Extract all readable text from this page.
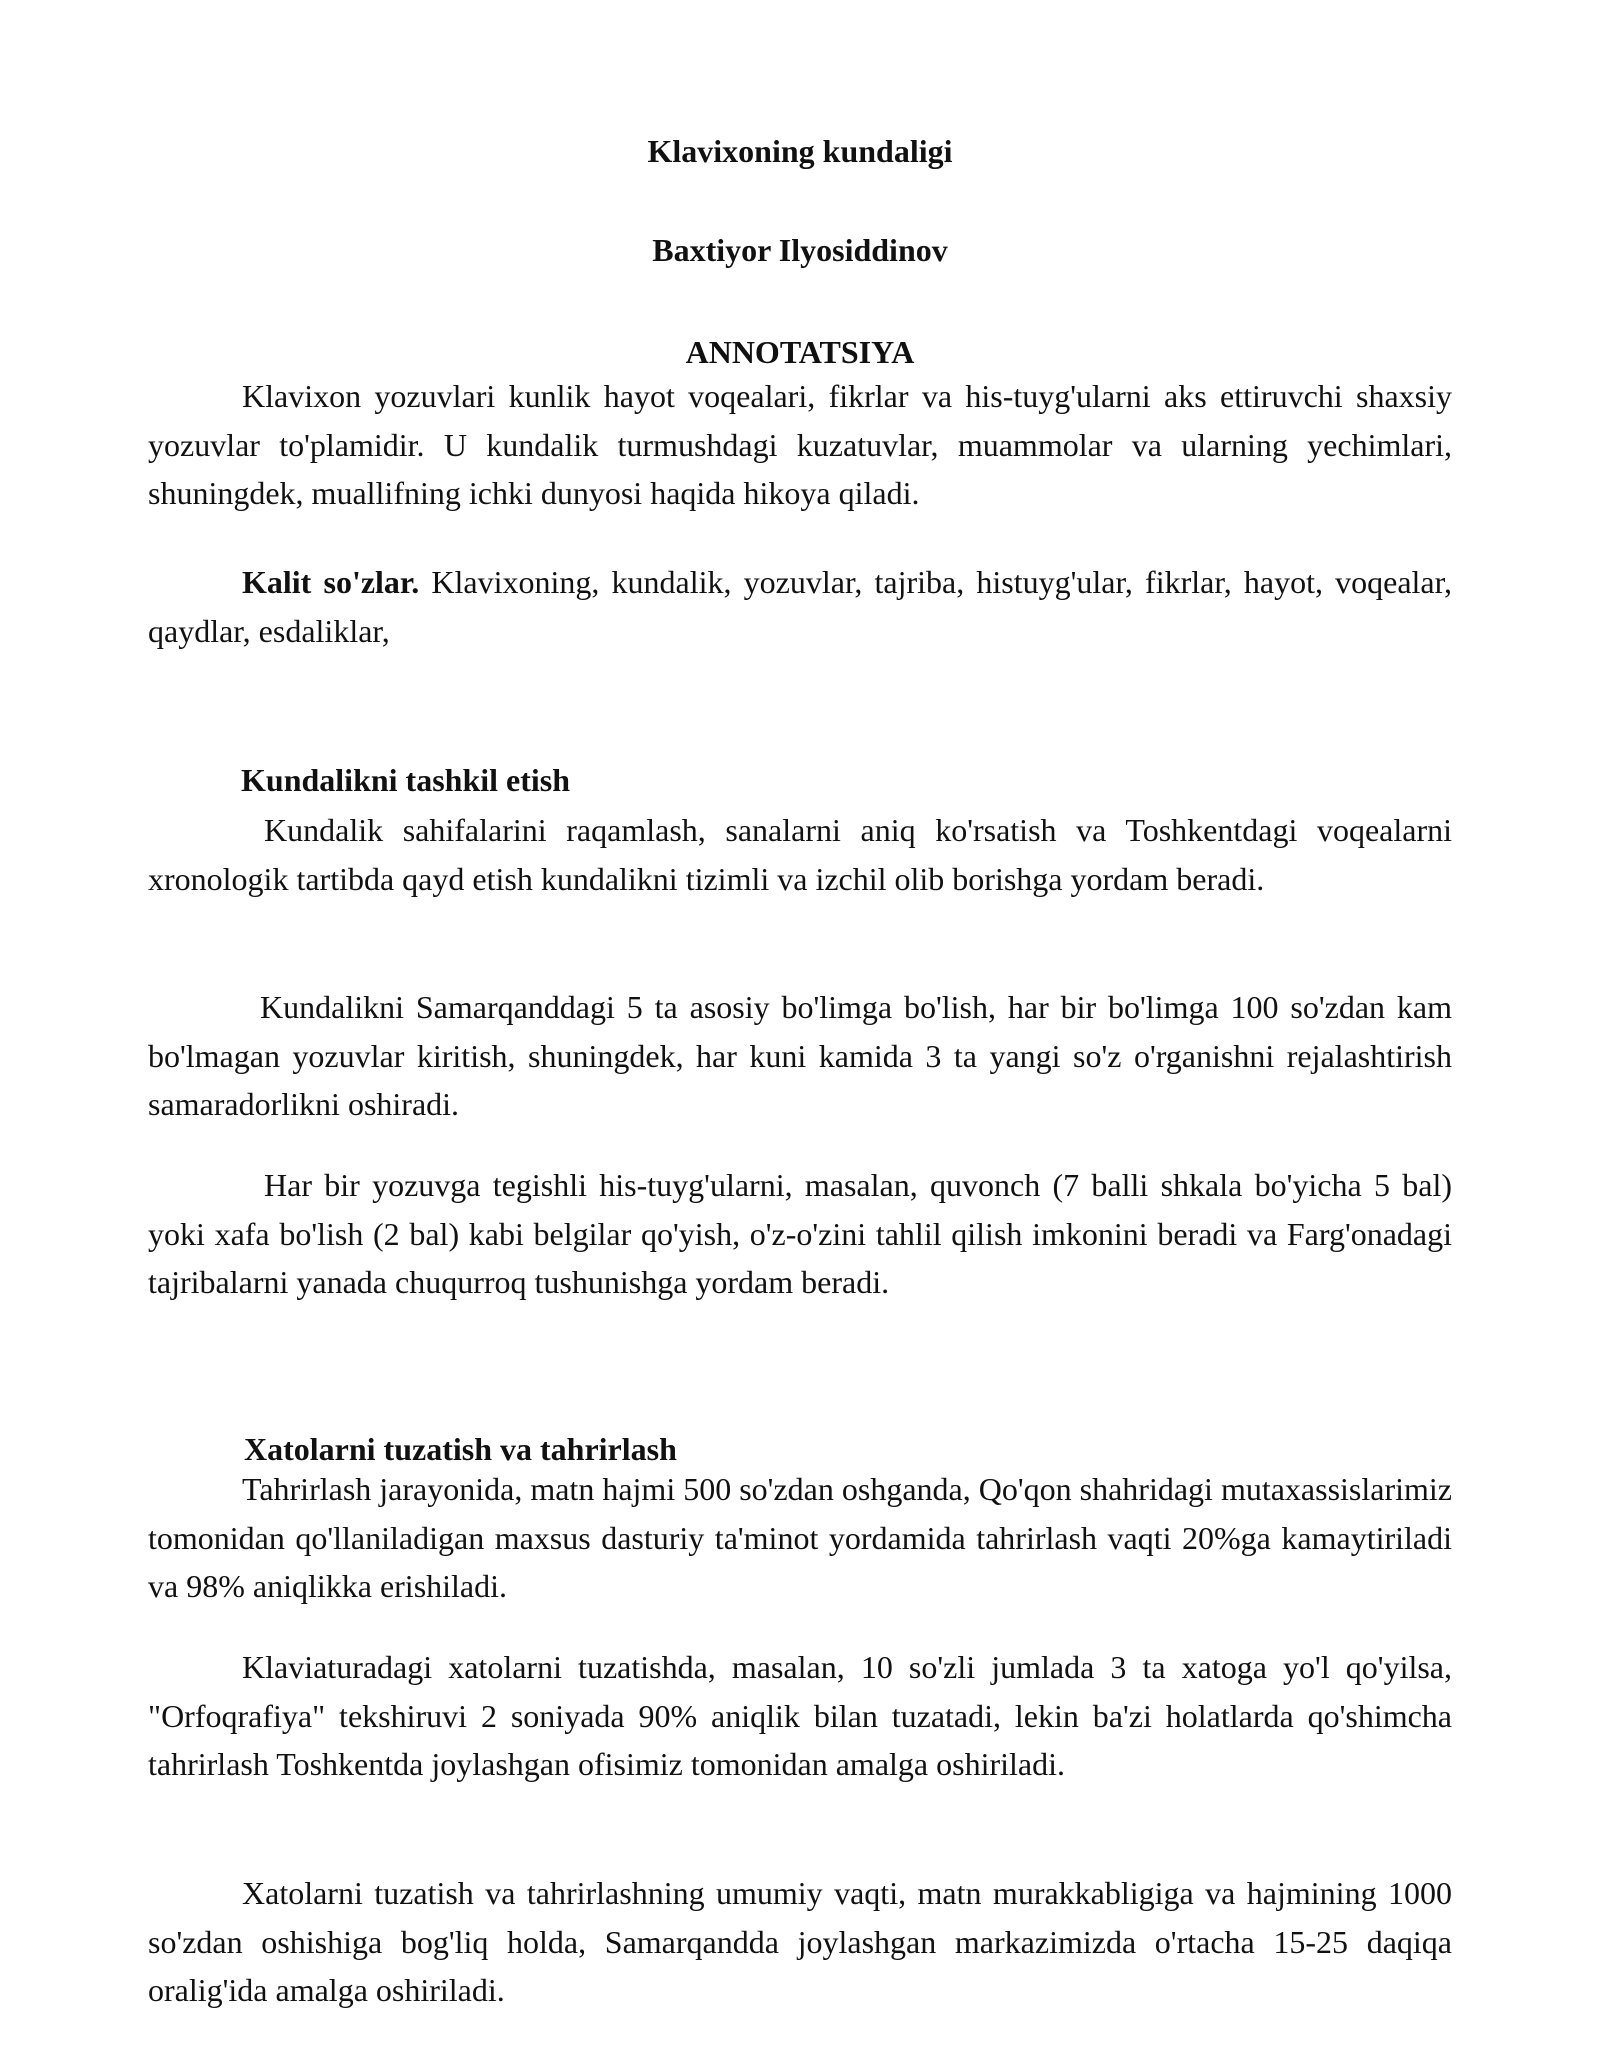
Klavixoning kundaligi
Baxtiyor Ilyosiddinov
ANNOTATSIYA

Klavixon yozuvlari kunlik hayot voqealari, fikrlar va his-tuyg'ularni aks ettiruvchi shaxsiy yozuvlar to'plamidir. U kundalik turmushdagi kuzatuvlar, muammolar va ularning yechimlari, shuningdek, muallifning ichki dunyosi haqida hikoya qiladi.

Kalit so'zlar. Klavixoning, kundalik, yozuvlar, tajriba, histuyg'ular, fikrlar, hayot, voqealar, qaydlar, esdaliklar,

Kundalikni tashkil etish

Kundalik sahifalarini raqamlash, sanalarni aniq ko'rsatish va Toshkentdagi voqealarni xronologik tartibda qayd etish kundalikni tizimli va izchil olib borishga yordam beradi.

Kundalikni Samarqanddagi 5 ta asosiy bo'limga bo'lish, har bir bo'limga 100 so'zdan kam bo'lmagan yozuvlar kiritish, shuningdek, har kuni kamida 3 ta yangi so'z o'rganishni rejalashtirish samaradorlikni oshiradi.

Har bir yozuvga tegishli his-tuyg'ularni, masalan, quvonch (7 balli shkala bo'yicha 5 bal) yoki xafa bo'lish (2 bal) kabi belgilar qo'yish, o'z-o'zini tahlil qilish imkonini beradi va Farg'onadagi tajribalarni yanada chuqurroq tushunishga yordam beradi.

Xatolarni tuzatish va tahrirlash

Tahrirlash jarayonida, matn hajmi 500 so'zdan oshganda, Qo'qon shahridagi mutaxassislarimiz tomonidan qo'llaniladigan maxsus dasturiy ta'minot yordamida tahrirlash vaqti 20%ga kamaytiriladi va 98% aniqlikka erishiladi.

Klaviaturadagi xatolarni tuzatishda, masalan, 10 so'zli jumlada 3 ta xatoga yo'l qo'yilsa, "Orfoqrafiya" tekshiruvi 2 soniyada 90% aniqlik bilan tuzatadi, lekin ba'zi holatlarda qo'shimcha tahrirlash Toshkentda joylashgan ofisimiz tomonidan amalga oshiriladi.

Xatolarni tuzatish va tahrirlashning umumiy vaqti, matn murakkabligiga va hajmining 1000 so'zdan oshishiga bog'liq holda, Samarqandda joylashgan markazimizda o'rtacha 15-25 daqiqa oralig'ida amalga oshiriladi.
